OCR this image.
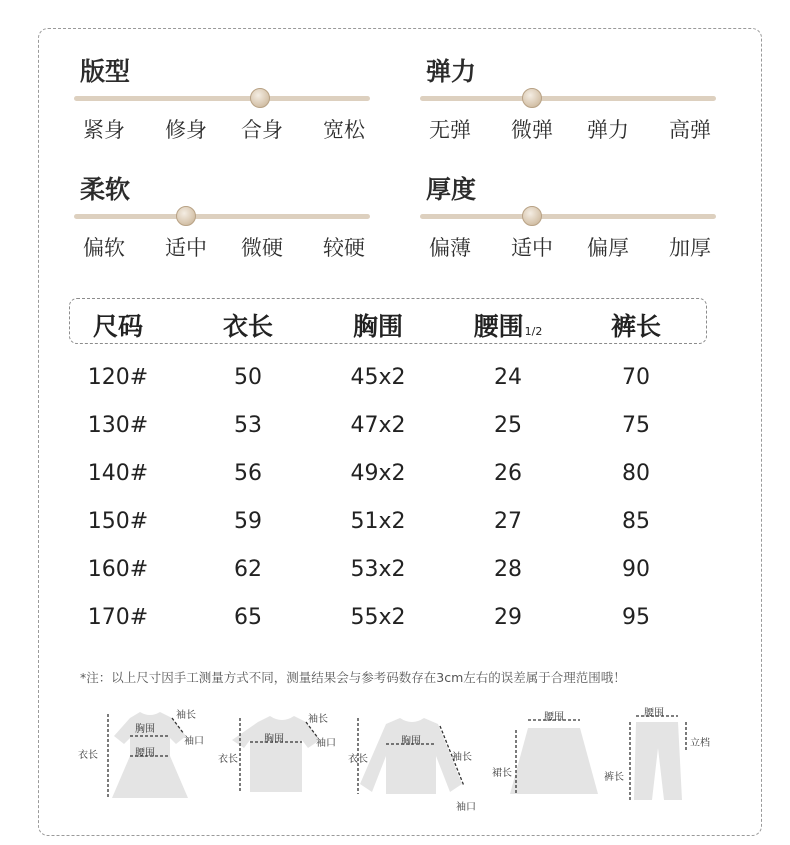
版型
紧身 修身 合身 宽松
弹力
无弹 微弹 弹力 高弹
柔软
偏软 适中 微硬 较硬
厚度
偏薄 适中 偏厚 加厚
尺码	衣长	胸围	腰围1/2	裤长
120#	50	45x2	24	70
130#	53	47x2	25	75
140#	56	49x2	26	80
150#	59	51x2	27	85
160#	62	53x2	28	90
170#	65	55x2	29	95
*注：以上尺寸因手工测量方式不同，测量结果会与参考码数存在3cm左右的误差属于合理范围哦！
衣长
胸围
腰围
袖长
袖口
衣长
胸围
袖长
袖口
衣长
胸围
袖长
袖口
腰围
裙长
腰围
立档
裤长
